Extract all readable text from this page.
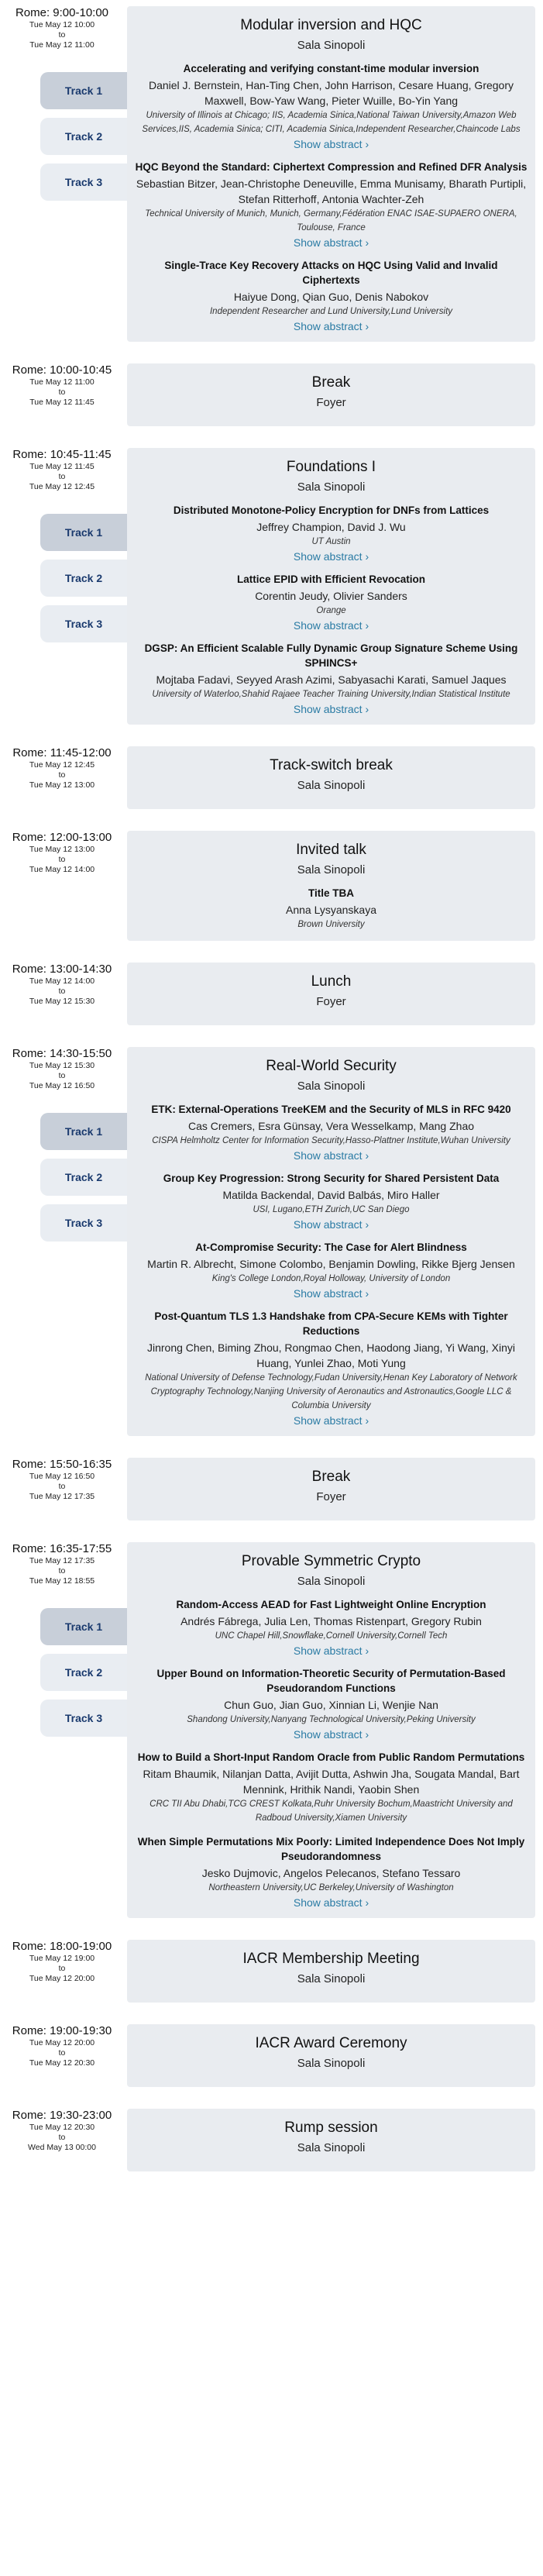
Rome: 9:00-10:00
Tue May 12 10:00
to
Tue May 12 11:00
Track 1
Track 2
Track 3
Modular inversion and HQC
Sala Sinopoli
Accelerating and verifying constant-time modular inversion
Daniel J. Bernstein, Han-Ting Chen, John Harrison, Cesare Huang, Gregory Maxwell, Bow-Yaw Wang, Pieter Wuille, Bo-Yin Yang
University of Illinois at Chicago; IIS, Academia Sinica,National Taiwan University,Amazon Web Services,IIS, Academia Sinica; CITI, Academia Sinica,Independent Researcher,Chaincode Labs
Show abstract ›
HQC Beyond the Standard: Ciphertext Compression and Refined DFR Analysis
Sebastian Bitzer, Jean-Christophe Deneuville, Emma Munisamy, Bharath Purtipli, Stefan Ritterhoff, Antonia Wachter-Zeh
Technical University of Munich, Munich, Germany,Fédération ENAC ISAE-SUPAERO ONERA, Toulouse, France
Show abstract ›
Single-Trace Key Recovery Attacks on HQC Using Valid and Invalid Ciphertexts
Haiyue Dong, Qian Guo, Denis Nabokov
Independent Researcher and Lund University,Lund University
Show abstract ›
Rome: 10:00-10:45
Tue May 12 11:00
to
Tue May 12 11:45
Break
Foyer
Rome: 10:45-11:45
Tue May 12 11:45
to
Tue May 12 12:45
Track 1
Track 2
Track 3
Foundations I
Sala Sinopoli
Distributed Monotone-Policy Encryption for DNFs from Lattices
Jeffrey Champion, David J. Wu
UT Austin
Show abstract ›
Lattice EPID with Efficient Revocation
Corentin Jeudy, Olivier Sanders
Orange
Show abstract ›
DGSP: An Efficient Scalable Fully Dynamic Group Signature Scheme Using SPHINCS+
Mojtaba Fadavi, Seyyed Arash Azimi, Sabyasachi Karati, Samuel Jaques
University of Waterloo,Shahid Rajaee Teacher Training University,Indian Statistical Institute
Show abstract ›
Rome: 11:45-12:00
Tue May 12 12:45
to
Tue May 12 13:00
Track-switch break
Sala Sinopoli
Rome: 12:00-13:00
Tue May 12 13:00
to
Tue May 12 14:00
Invited talk
Sala Sinopoli
Title TBA
Anna Lysyanskaya
Brown University
Rome: 13:00-14:30
Tue May 12 14:00
to
Tue May 12 15:30
Lunch
Foyer
Rome: 14:30-15:50
Tue May 12 15:30
to
Tue May 12 16:50
Track 1
Track 2
Track 3
Real-World Security
Sala Sinopoli
ETK: External-Operations TreeKEM and the Security of MLS in RFC 9420
Cas Cremers, Esra Günsay, Vera Wesselkamp, Mang Zhao
CISPA Helmholtz Center for Information Security,Hasso-Plattner Institute,Wuhan University
Show abstract ›
Group Key Progression: Strong Security for Shared Persistent Data
Matilda Backendal, David Balbás, Miro Haller
USI, Lugano,ETH Zurich,UC San Diego
Show abstract ›
At-Compromise Security: The Case for Alert Blindness
Martin R. Albrecht, Simone Colombo, Benjamin Dowling, Rikke Bjerg Jensen
King's College London,Royal Holloway, University of London
Show abstract ›
Post-Quantum TLS 1.3 Handshake from CPA-Secure KEMs with Tighter Reductions
Jinrong Chen, Biming Zhou, Rongmao Chen, Haodong Jiang, Yi Wang, Xinyi Huang, Yunlei Zhao, Moti Yung
National University of Defense Technology,Fudan University,Henan Key Laboratory of Network Cryptography Technology,Nanjing University of Aeronautics and Astronautics,Google LLC & Columbia University
Show abstract ›
Rome: 15:50-16:35
Tue May 12 16:50
to
Tue May 12 17:35
Break
Foyer
Rome: 16:35-17:55
Tue May 12 17:35
to
Tue May 12 18:55
Track 1
Track 2
Track 3
Provable Symmetric Crypto
Sala Sinopoli
Random-Access AEAD for Fast Lightweight Online Encryption
Andrés Fábrega, Julia Len, Thomas Ristenpart, Gregory Rubin
UNC Chapel Hill,Snowflake,Cornell University,Cornell Tech
Show abstract ›
Upper Bound on Information-Theoretic Security of Permutation-Based Pseudorandom Functions
Chun Guo, Jian Guo, Xinnian Li, Wenjie Nan
Shandong University,Nanyang Technological University,Peking University
Show abstract ›
How to Build a Short-Input Random Oracle from Public Random Permutations
Ritam Bhaumik, Nilanjan Datta, Avijit Dutta, Ashwin Jha, Sougata Mandal, Bart Mennink, Hrithik Nandi, Yaobin Shen
CRC TII Abu Dhabi,TCG CREST Kolkata,Ruhr University Bochum,Maastricht University and Radboud University,Xiamen University
When Simple Permutations Mix Poorly: Limited Independence Does Not Imply Pseudorandomness
Jesko Dujmovic, Angelos Pelecanos, Stefano Tessaro
Northeastern University,UC Berkeley,University of Washington
Show abstract ›
Rome: 18:00-19:00
Tue May 12 19:00
to
Tue May 12 20:00
IACR Membership Meeting
Sala Sinopoli
Rome: 19:00-19:30
Tue May 12 20:00
to
Tue May 12 20:30
IACR Award Ceremony
Sala Sinopoli
Rome: 19:30-23:00
Tue May 12 20:30
to
Wed May 13 00:00
Rump session
Sala Sinopoli
